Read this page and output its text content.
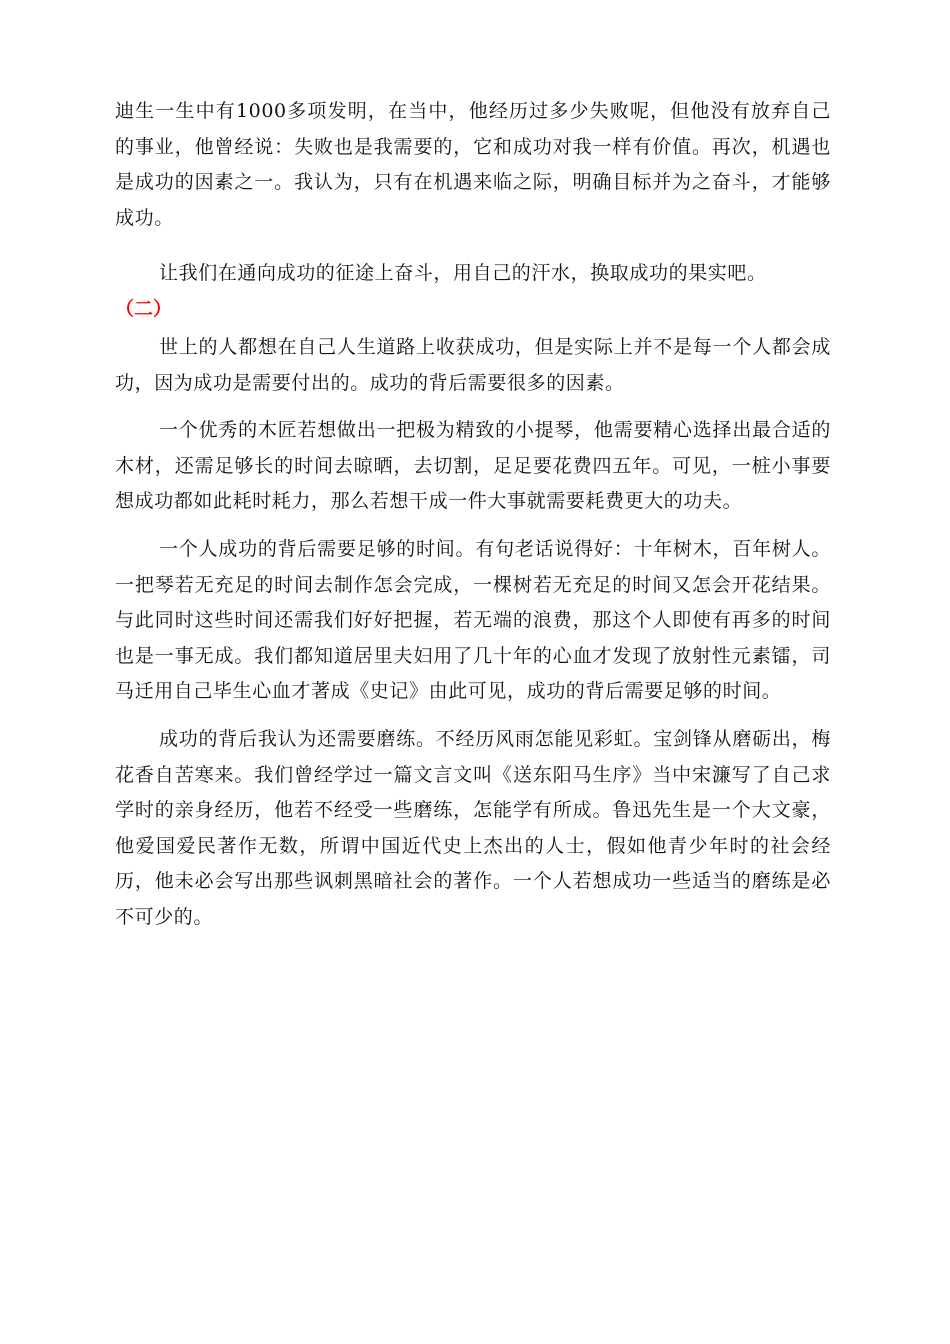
迪生一生中有1000多项发明，在当中，他经历过多少失败呢，但他没有放弃自己的事业，他曾经说：失败也是我需要的，它和成功对我一样有价值。再次，机遇也是成功的因素之一。我认为，只有在机遇来临之际，明确目标并为之奋斗，才能够成功。

让我们在通向成功的征途上奋斗，用自己的汗水，换取成功的果实吧。

（二）

世上的人都想在自己人生道路上收获成功，但是实际上并不是每一个人都会成功，因为成功是需要付出的。成功的背后需要很多的因素。

一个优秀的木匠若想做出一把极为精致的小提琴，他需要精心选择出最合适的木材，还需足够长的时间去晾晒，去切割，足足要花费四五年。可见，一桩小事要想成功都如此耗时耗力，那么若想干成一件大事就需要耗费更大的功夫。

一个人成功的背后需要足够的时间。有句老话说得好：十年树木，百年树人。一把琴若无充足的时间去制作怎会完成，一棵树若无充足的时间又怎会开花结果。与此同时这些时间还需我们好好把握，若无端的浪费，那这个人即使有再多的时间也是一事无成。我们都知道居里夫妇用了几十年的心血才发现了放射性元素镭，司马迁用自己毕生心血才著成《史记》由此可见，成功的背后需要足够的时间。

成功的背后我认为还需要磨练。不经历风雨怎能见彩虹。宝剑锋从磨砺出，梅花香自苦寒来。我们曾经学过一篇文言文叫《送东阳马生序》当中宋濂写了自己求学时的亲身经历，他若不经受一些磨练，怎能学有所成。鲁迅先生是一个大文豪，他爱国爱民著作无数，所谓中国近代史上杰出的人士，假如他青少年时的社会经历，他未必会写出那些讽刺黑暗社会的著作。一个人若想成功一些适当的磨练是必不可少的。
